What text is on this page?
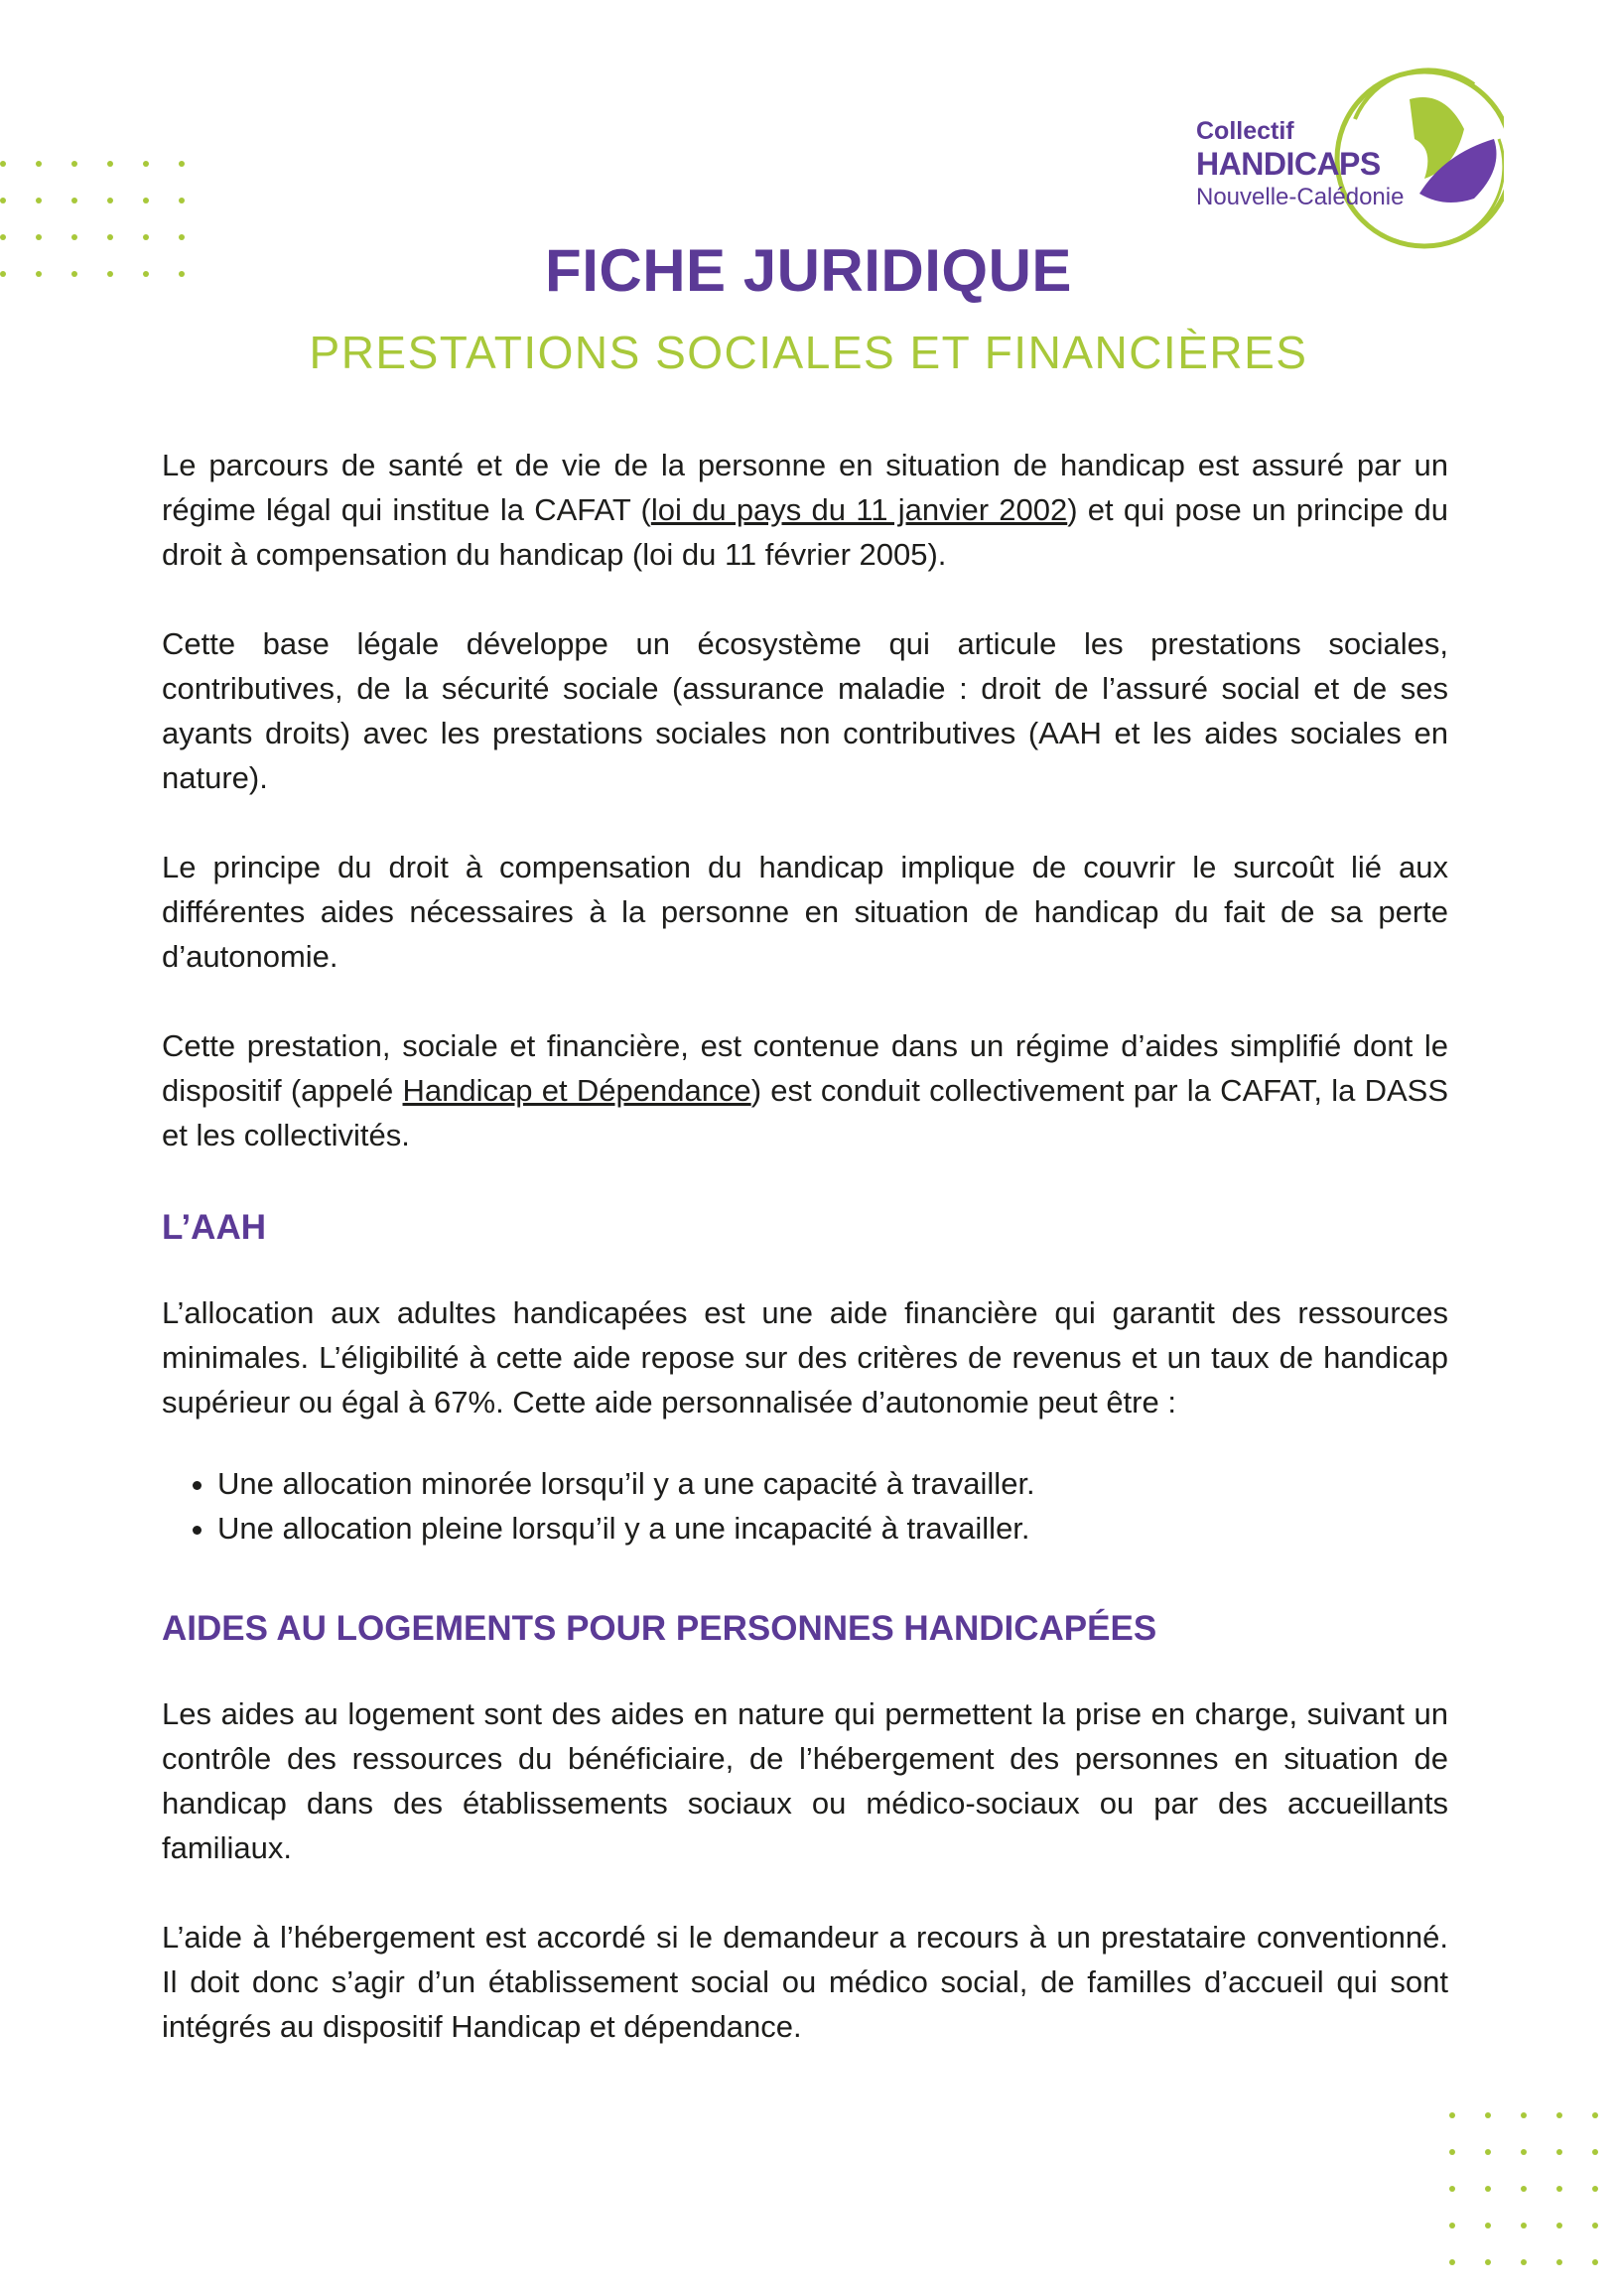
Collectif
HANDICAPS
Nouvelle-Calédonie
FICHE JURIDIQUE
PRESTATIONS SOCIALES ET FINANCIÈRES

Le parcours de santé et de vie de la personne en situation de handicap est assuré par un régime légal qui institue la CAFAT (loi du pays du 11 janvier 2002) et qui pose un principe du droit à compensation du handicap (loi du 11 février 2005).

Cette base légale développe un écosystème qui articule les prestations sociales, contributives, de la sécurité sociale (assurance maladie : droit de l’assuré social et de ses ayants droits) avec les prestations sociales non contributives (AAH et les aides sociales en nature).

Le principe du droit à compensation du handicap implique de couvrir le surcoût lié aux différentes aides nécessaires à la personne en situation de handicap du fait de sa perte d’autonomie.

Cette prestation, sociale et financière, est contenue dans un régime d’aides simplifié dont le dispositif (appelé Handicap et Dépendance) est conduit collectivement par la CAFAT, la DASS et les collectivités.

L’AAH

L’allocation aux adultes handicapées est une aide financière qui garantit des ressources minimales. L’éligibilité à cette aide repose sur des critères de revenus et un taux de handicap supérieur ou égal à 67%. Cette aide personnalisée d’autonomie peut être :

• Une allocation minorée lorsqu’il y a une capacité à travailler.
• Une allocation pleine lorsqu’il y a une incapacité à travailler.
AIDES AU LOGEMENTS POUR PERSONNES HANDICAPÉES

Les aides au logement sont des aides en nature qui permettent la prise en charge, suivant un contrôle des ressources du bénéficiaire, de l’hébergement des personnes en situation de handicap dans des établissements sociaux ou médico-sociaux ou par des accueillants familiaux.

L’aide à l’hébergement est accordé si le demandeur a recours à un prestataire conventionné. Il doit donc s’agir d’un établissement social ou médico social, de familles d’accueil qui sont intégrés au dispositif Handicap et dépendance.
